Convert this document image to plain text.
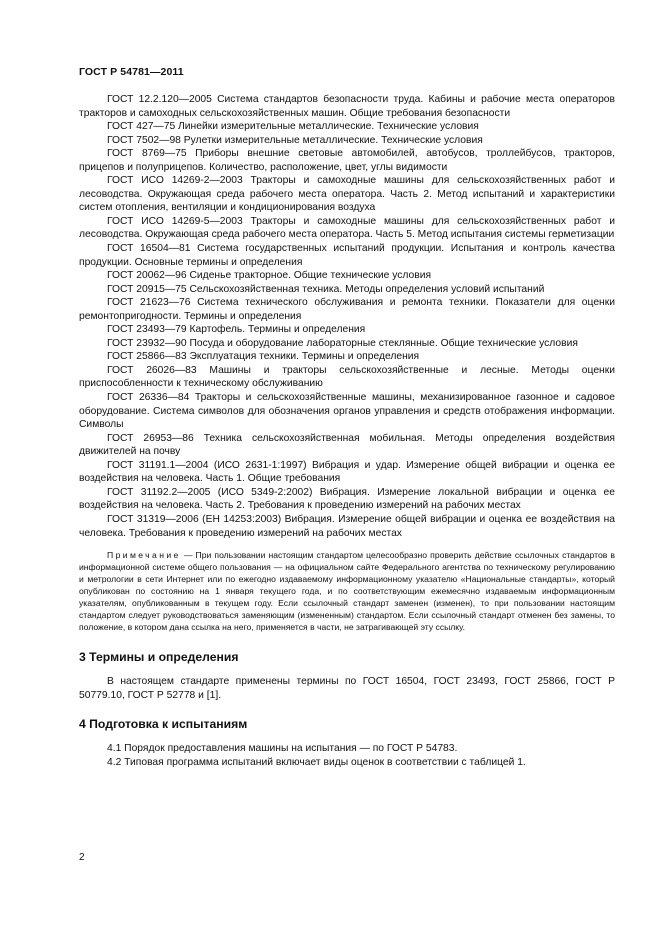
ГОСТ Р 54781—2011

ГОСТ 12.2.120—2005 Система стандартов безопасности труда. Кабины и рабочие места операторов тракторов и самоходных сельскохозяйственных машин. Общие требования безопасности

ГОСТ 427—75 Линейки измерительные металлические. Технические условия

ГОСТ 7502—98 Рулетки измерительные металлические. Технические условия

ГОСТ 8769—75 Приборы внешние световые автомобилей, автобусов, троллейбусов, тракторов, прицепов и полуприцепов. Количество, расположение, цвет, углы видимости

ГОСТ ИСО 14269-2—2003 Тракторы и самоходные машины для сельскохозяйственных работ и лесоводства. Окружающая среда рабочего места оператора. Часть 2. Метод испытаний и характеристики систем отопления, вентиляции и кондиционирования воздуха

ГОСТ ИСО 14269-5—2003 Тракторы и самоходные машины для сельскохозяйственных работ и лесоводства. Окружающая среда рабочего места оператора. Часть 5. Метод испытания системы герметизации

ГОСТ 16504—81 Система государственных испытаний продукции. Испытания и контроль качества продукции. Основные термины и определения

ГОСТ 20062—96 Сиденье тракторное. Общие технические условия

ГОСТ 20915—75 Сельскохозяйственная техника. Методы определения условий испытаний

ГОСТ 21623—76 Система технического обслуживания и ремонта техники. Показатели для оценки ремонтопригодности. Термины и определения

ГОСТ 23493—79 Картофель. Термины и определения

ГОСТ 23932—90 Посуда и оборудование лабораторные стеклянные. Общие технические условия

ГОСТ 25866—83 Эксплуатация техники. Термины и определения

ГОСТ 26026—83 Машины и тракторы сельскохозяйственные и лесные. Методы оценки приспособленности к техническому обслуживанию

ГОСТ 26336—84 Тракторы и сельскохозяйственные машины, механизированное газонное и садовое оборудование. Система символов для обозначения органов управления и средств отображения информации. Символы

ГОСТ 26953—86 Техника сельскохозяйственная мобильная. Методы определения воздействия движителей на почву

ГОСТ 31191.1—2004 (ИСО 2631-1:1997) Вибрация и удар. Измерение общей вибрации и оценка ее воздействия на человека. Часть 1. Общие требования

ГОСТ 31192.2—2005 (ИСО 5349-2:2002) Вибрация. Измерение локальной вибрации и оценка ее воздействия на человека. Часть 2. Требования к проведению измерений на рабочих местах

ГОСТ 31319—2006 (ЕН 14253:2003) Вибрация. Измерение общей вибрации и оценка ее воздействия на человека. Требования к проведению измерений на рабочих местах

Примечание — При пользовании настоящим стандартом целесообразно проверить действие ссылочных стандартов в информационной системе общего пользования — на официальном сайте Федерального агентства по техническому регулированию и метрологии в сети Интернет или по ежегодно издаваемому информационному указателю «Национальные стандарты», который опубликован по состоянию на 1 января текущего года, и по соответствующим ежемесячно издаваемым информационным указателям, опубликованным в текущем году. Если ссылочный стандарт заменен (изменен), то при пользовании настоящим стандартом следует руководствоваться заменяющим (измененным) стандартом. Если ссылочный стандарт отменен без замены, то положение, в котором дана ссылка на него, применяется в части, не затрагивающей эту ссылку.

3 Термины и определения

В настоящем стандарте применены термины по ГОСТ 16504, ГОСТ 23493, ГОСТ 25866, ГОСТ Р 50779.10, ГОСТ Р 52778 и [1].

4 Подготовка к испытаниям

4.1 Порядок предоставления машины на испытания — по ГОСТ Р 54783.

4.2 Типовая программа испытаний включает виды оценок в соответствии с таблицей 1.

2
